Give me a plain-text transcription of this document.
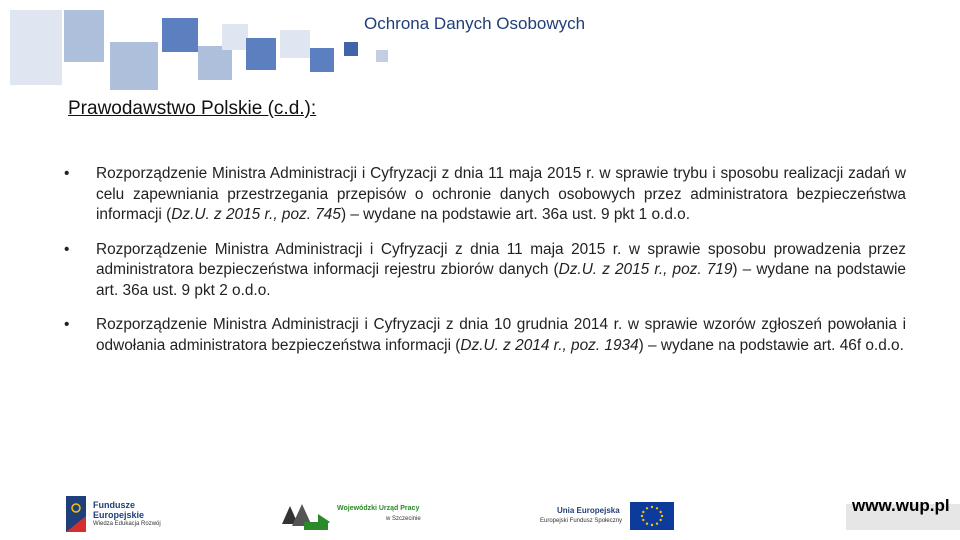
Ochrona Danych Osobowych
Prawodawstwo Polskie (c.d.):
• Rozporządzenie Ministra Administracji i Cyfryzacji z dnia 11 maja 2015 r. w sprawie trybu i sposobu realizacji zadań w celu zapewniania przestrzegania przepisów o ochronie danych osobowych przez administratora bezpieczeństwa informacji (Dz.U. z 2015 r., poz. 745) – wydane na podstawie art. 36a ust. 9 pkt 1 o.d.o.
• Rozporządzenie Ministra Administracji i Cyfryzacji z dnia 11 maja 2015 r. w sprawie sposobu prowadzenia przez administratora bezpieczeństwa informacji rejestru zbiorów danych (Dz.U. z 2015 r., poz. 719) – wydane na podstawie art. 36a ust. 9 pkt 2 o.d.o.
• Rozporządzenie Ministra Administracji i Cyfryzacji z dnia 10 grudnia 2014 r. w sprawie wzorów zgłoszeń powołania i odwołania administratora bezpieczeństwa informacji (Dz.U. z 2014 r., poz. 1934) – wydane na podstawie art. 46f o.d.o.
Fundusze
Europejskie
Wiedza Edukacja Rozwój
Wojewódzki Urząd Pracy
w Szczecinie
Unia Europejska
Europejski Fundusz Społeczny
www.wup.pl
